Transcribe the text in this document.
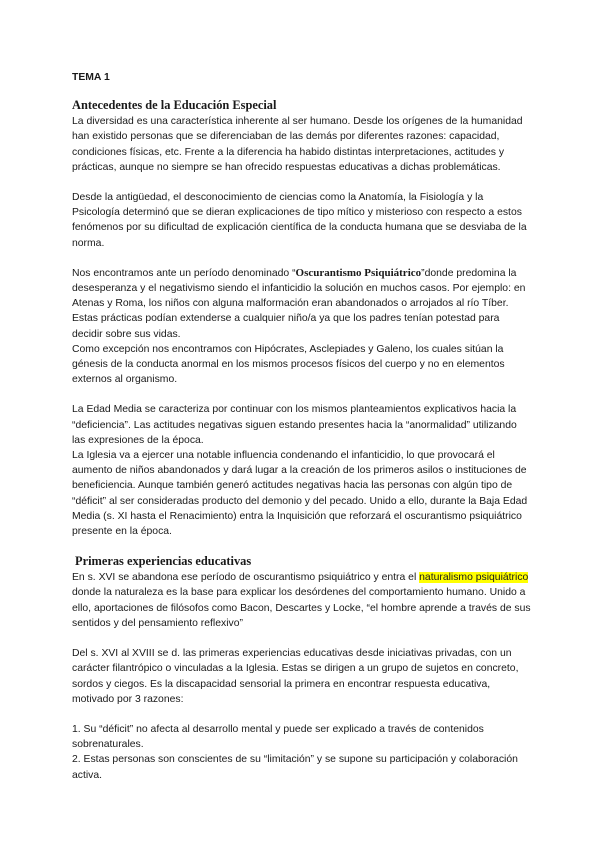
TEMA 1

Antecedentes de la Educación Especial

La diversidad es una característica inherente al ser humano. Desde los orígenes de la humanidad han existido personas que se diferenciaban de las demás por diferentes razones: capacidad, condiciones físicas, etc. Frente a la diferencia ha habido distintas interpretaciones, actitudes y prácticas, aunque no siempre se han ofrecido respuestas educativas a dichas problemáticas.

Desde la antigüedad, el desconocimiento de ciencias como la Anatomía, la Fisiología y la Psicología determinó que se dieran explicaciones de tipo mítico y misterioso con respecto a estos fenómenos por su dificultad de explicación científica de la conducta humana que se desviaba de la norma.

Nos encontramos ante un período denominado “Oscurantismo Psiquiátrico”donde predomina la desesperanza y el negativismo siendo el infanticidio la solución en muchos casos. Por ejemplo: en Atenas y Roma, los niños con alguna malformación eran abandonados o arrojados al río Tíber. Estas prácticas podían extenderse a cualquier niño/a ya que los padres tenían potestad para decidir sobre sus vidas.

Como excepción nos encontramos con Hipócrates, Asclepiades y Galeno, los cuales sitúan la génesis de la conducta anormal en los mismos procesos físicos del cuerpo y no en elementos externos al organismo.

La Edad Media se caracteriza por continuar con los mismos planteamientos explicativos hacia la “deficiencia”. Las actitudes negativas siguen estando presentes hacia la “anormalidad” utilizando las expresiones de la época.

La Iglesia va a ejercer una notable influencia condenando el infanticidio, lo que provocará el aumento de niños abandonados y dará lugar a la creación de los primeros asilos o instituciones de beneficiencia. Aunque también generó actitudes negativas hacia las personas con algún tipo de “déficit” al ser consideradas producto del demonio y del pecado. Unido a ello, durante la Baja Edad Media (s. XI hasta el Renacimiento) entra la Inquisición que reforzará el oscurantismo psiquiátrico presente en la época.

Primeras experiencias educativas

En s. XVI se abandona ese período de oscurantismo psiquiátrico y entra el naturalismo psiquiátrico donde la naturaleza es la base para explicar los desórdenes del comportamiento humano. Unido a ello, aportaciones de filósofos como Bacon, Descartes y Locke, “el hombre aprende a través de sus sentidos y del pensamiento reflexivo”

Del s. XVI al XVIII se d. las primeras experiencias educativas desde iniciativas privadas, con un carácter filantrópico o vinculadas a la Iglesia. Estas se dirigen a un grupo de sujetos en concreto, sordos y ciegos. Es la discapacidad sensorial la primera en encontrar respuesta educativa, motivado por 3 razones:

1. Su “déficit” no afecta al desarrollo mental y puede ser explicado a través de contenidos sobrenaturales.

2. Estas personas son conscientes de su “limitación” y se supone su participación y colaboración activa.
